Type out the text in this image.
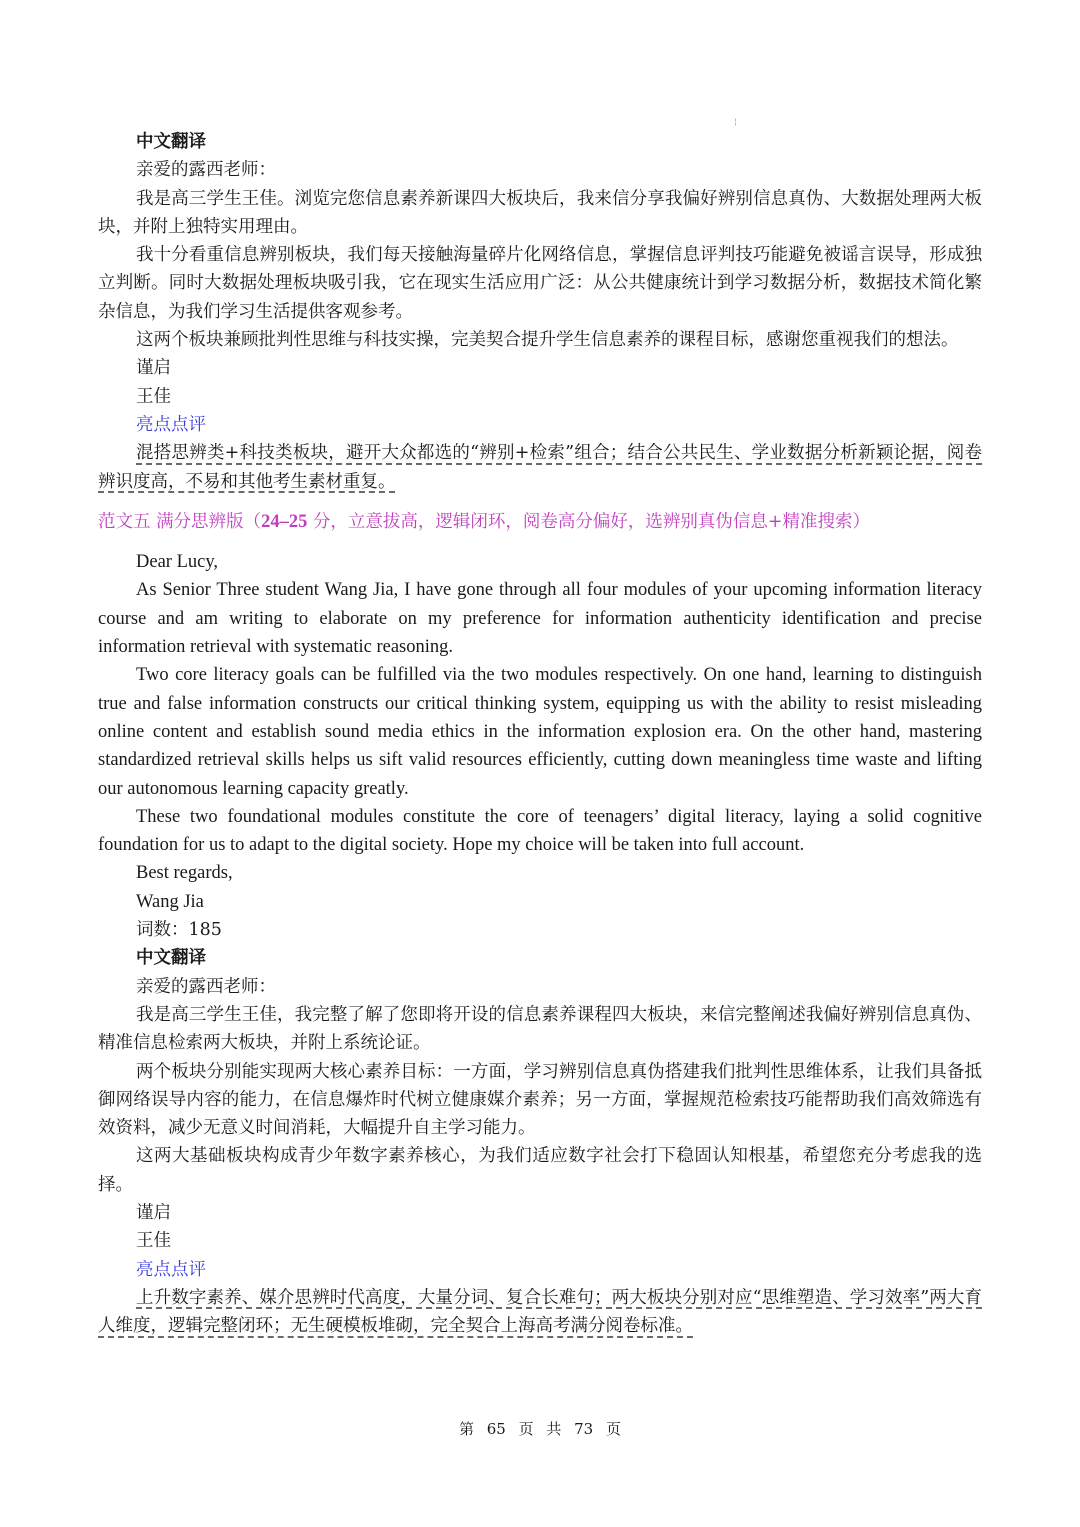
¦

中文翻译

亲爱的露西老师：

我是高三学生王佳。浏览完您信息素养新课四大板块后，我来信分享我偏好辨别信息真伪、大数据处理两大板块，并附上独特实用理由。

我十分看重信息辨别板块，我们每天接触海量碎片化网络信息，掌握信息评判技巧能避免被谣言误导，形成独立判断。同时大数据处理板块吸引我，它在现实生活应用广泛：从公共健康统计到学习数据分析，数据技术简化繁杂信息，为我们学习生活提供客观参考。

这两个板块兼顾批判性思维与科技实操，完美契合提升学生信息素养的课程目标，感谢您重视我们的想法。

谨启

王佳

亮点点评

混搭思辨类+科技类板块，避开大众都选的“辨别+检索”组合；结合公共民生、学业数据分析新颖论据，阅卷辨识度高，不易和其他考生素材重复。

范文五 满分思辨版（24–25 分，立意拔高，逻辑闭环，阅卷高分偏好，选辨别真伪信息+精准搜索）

Dear Lucy,

As Senior Three student Wang Jia, I have gone through all four modules of your upcoming information literacy course and am writing to elaborate on my preference for information authenticity identification and precise information retrieval with systematic reasoning.

Two core literacy goals can be fulfilled via the two modules respectively. On one hand, learning to distinguish true and false information constructs our critical thinking system, equipping us with the ability to resist misleading online content and establish sound media ethics in the information explosion era. On the other hand, mastering standardized retrieval skills helps us sift valid resources efficiently, cutting down meaningless time waste and lifting our autonomous learning capacity greatly.

These two foundational modules constitute the core of teenagers’ digital literacy, laying a solid cognitive foundation for us to adapt to the digital society. Hope my choice will be taken into full account.

Best regards,

Wang Jia

词数：185

中文翻译

亲爱的露西老师：

我是高三学生王佳，我完整了解了您即将开设的信息素养课程四大板块，来信完整阐述我偏好辨别信息真伪、精准信息检索两大板块，并附上系统论证。

两个板块分别能实现两大核心素养目标：一方面，学习辨别信息真伪搭建我们批判性思维体系，让我们具备抵御网络误导内容的能力，在信息爆炸时代树立健康媒介素养；另一方面，掌握规范检索技巧能帮助我们高效筛选有效资料，减少无意义时间消耗，大幅提升自主学习能力。

这两大基础板块构成青少年数字素养核心，为我们适应数字社会打下稳固认知根基，希望您充分考虑我的选择。

谨启

王佳

亮点点评

上升数字素养、媒介思辨时代高度，大量分词、复合长难句；两大板块分别对应“思维塑造、学习效率”两大育人维度，逻辑完整闭环；无生硬模板堆砌，完全契合上海高考满分阅卷标准。

第 65 页 共 73 页
